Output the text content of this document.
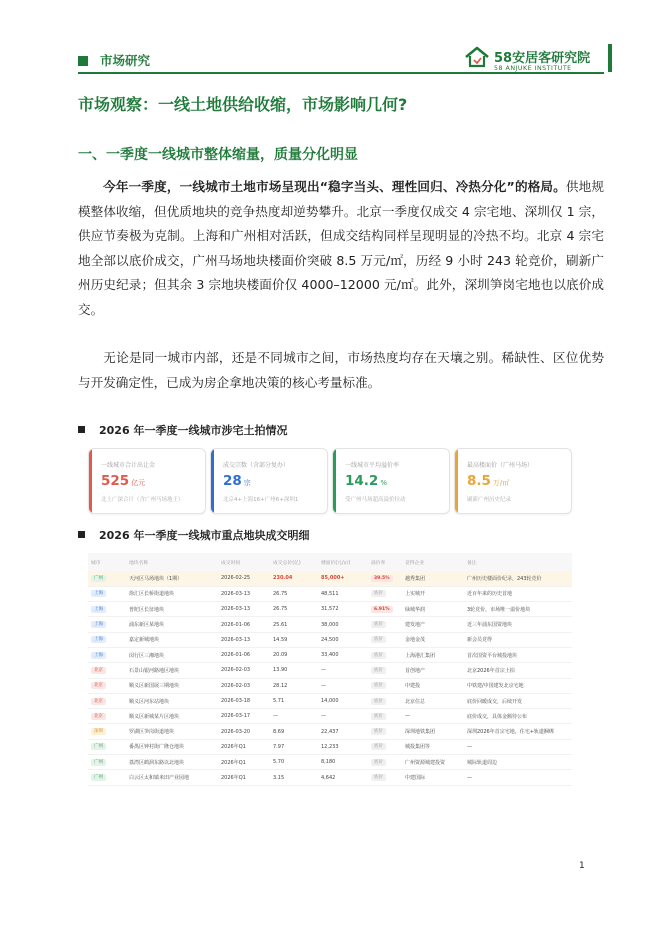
市场研究	58安居客研究院
58 ANJUKE INSTITUTE
市场观察：一线土地供给收缩，市场影响几何?
一、一季度一线城市整体缩量，质量分化明显
今年一季度，一线城市土地市场呈现出“稳字当头、理性回归、冷热分化”的格局。供地规模整体收缩，但优质地块的竞争热度却逆势攀升。北京一季度仅成交 4 宗宅地、深圳仅 1 宗，供应节奏极为克制。上海和广州相对活跃，但成交结构同样呈现明显的冷热不均。北京 4 宗宅地全部以底价成交，广州马场地块楼面价突破 8.5 万元/㎡，历经 9 小时 243 轮竞价，刷新广州历史纪录；但其余 3 宗地块楼面价仅 4000–12000 元/㎡。此外，深圳笋岗宅地也以底价成交。
无论是同一城市内部，还是不同城市之间，市场热度均存在天壤之别。稀缺性、区位优势与开发确定性，已成为房企拿地决策的核心考量标准。
2026 年一季度一线城市涉宅土拍情况
一线城市合计出让金
525 亿元
北上广深合计（含广州马场地王）
成交宗数（含部分复办）
28 宗
北京4+上海16+广州6+深圳1
一线城市平均溢价率
14.2 %
受广州马场超高溢价拉动
最高楼面价（广州马场）
8.5 万/㎡
刷新广州历史纪录
2026 年一季度一线城市重点地块成交明细
城市	地块名称	成交时间	成交总价(亿)	楼面价(元/㎡)	溢价率	竞得企业	备注
广州	天河区马场地块（1期）	2026-02-25	230.04	85,000+	39.5%	越秀集团	广州历史楼面价纪录，243轮竞价
上海	徐汇区长桥街道地块	2026-03-13	26.75	48,511	底价	上实城开	近百年来的历史首地
上海	普陀区长征地块	2026-03-13	26.75	31,572	6.91%	绿城华润	3轮竞价，市场唯一溢价地块
上海	浦东新区某地块	2026-01-06	25.61	38,000	底价	建发地产	近三年浦东国资地块
上海	嘉定新城地块	2026-03-13	14.59	24,500	底价	金地金茂	新会员竞得
上海	闵行区三湘地块	2026-01-06	20.09	33,400	底价	上海港汇集团	首次国资平台城投地块
北京	石景山银河路地区地块	2026-02-03	13.90	—	底价	首创地产	北京2026年首宗土拍
北京	顺义区新国展三期地块	2026-02-03	28.12	—	底价	中建投	中铁建/中国建发北京宅地
北京	顺义区河东站地块	2026-03-18	5.71	14,000	底价	北京住总	底价回暖成交，后续开发
北京	顺义区新城某片区地块	2026-03-17	—	—	底价	—	底价成交，具体金额待公布
深圳	罗湖区笋岗街道地块	2026-03-20	8.69	22,437	底价	深圳地铁集团	深圳2026年首宗宅地，住宅+轨道捆绑
广州	番禺区钟村街广隆仓地块	2026年Q1	7.97	12,233	底价	城投集团等	—
广州	荔湾区鹤洞东路以北地块	2026年Q1	5.70	8,180	底价	广州资源城建投资	城际轨道周边
广州	白云区太和镇米田产业园地	2026年Q1	3.15	4,642	底价	中建国际	—
1
